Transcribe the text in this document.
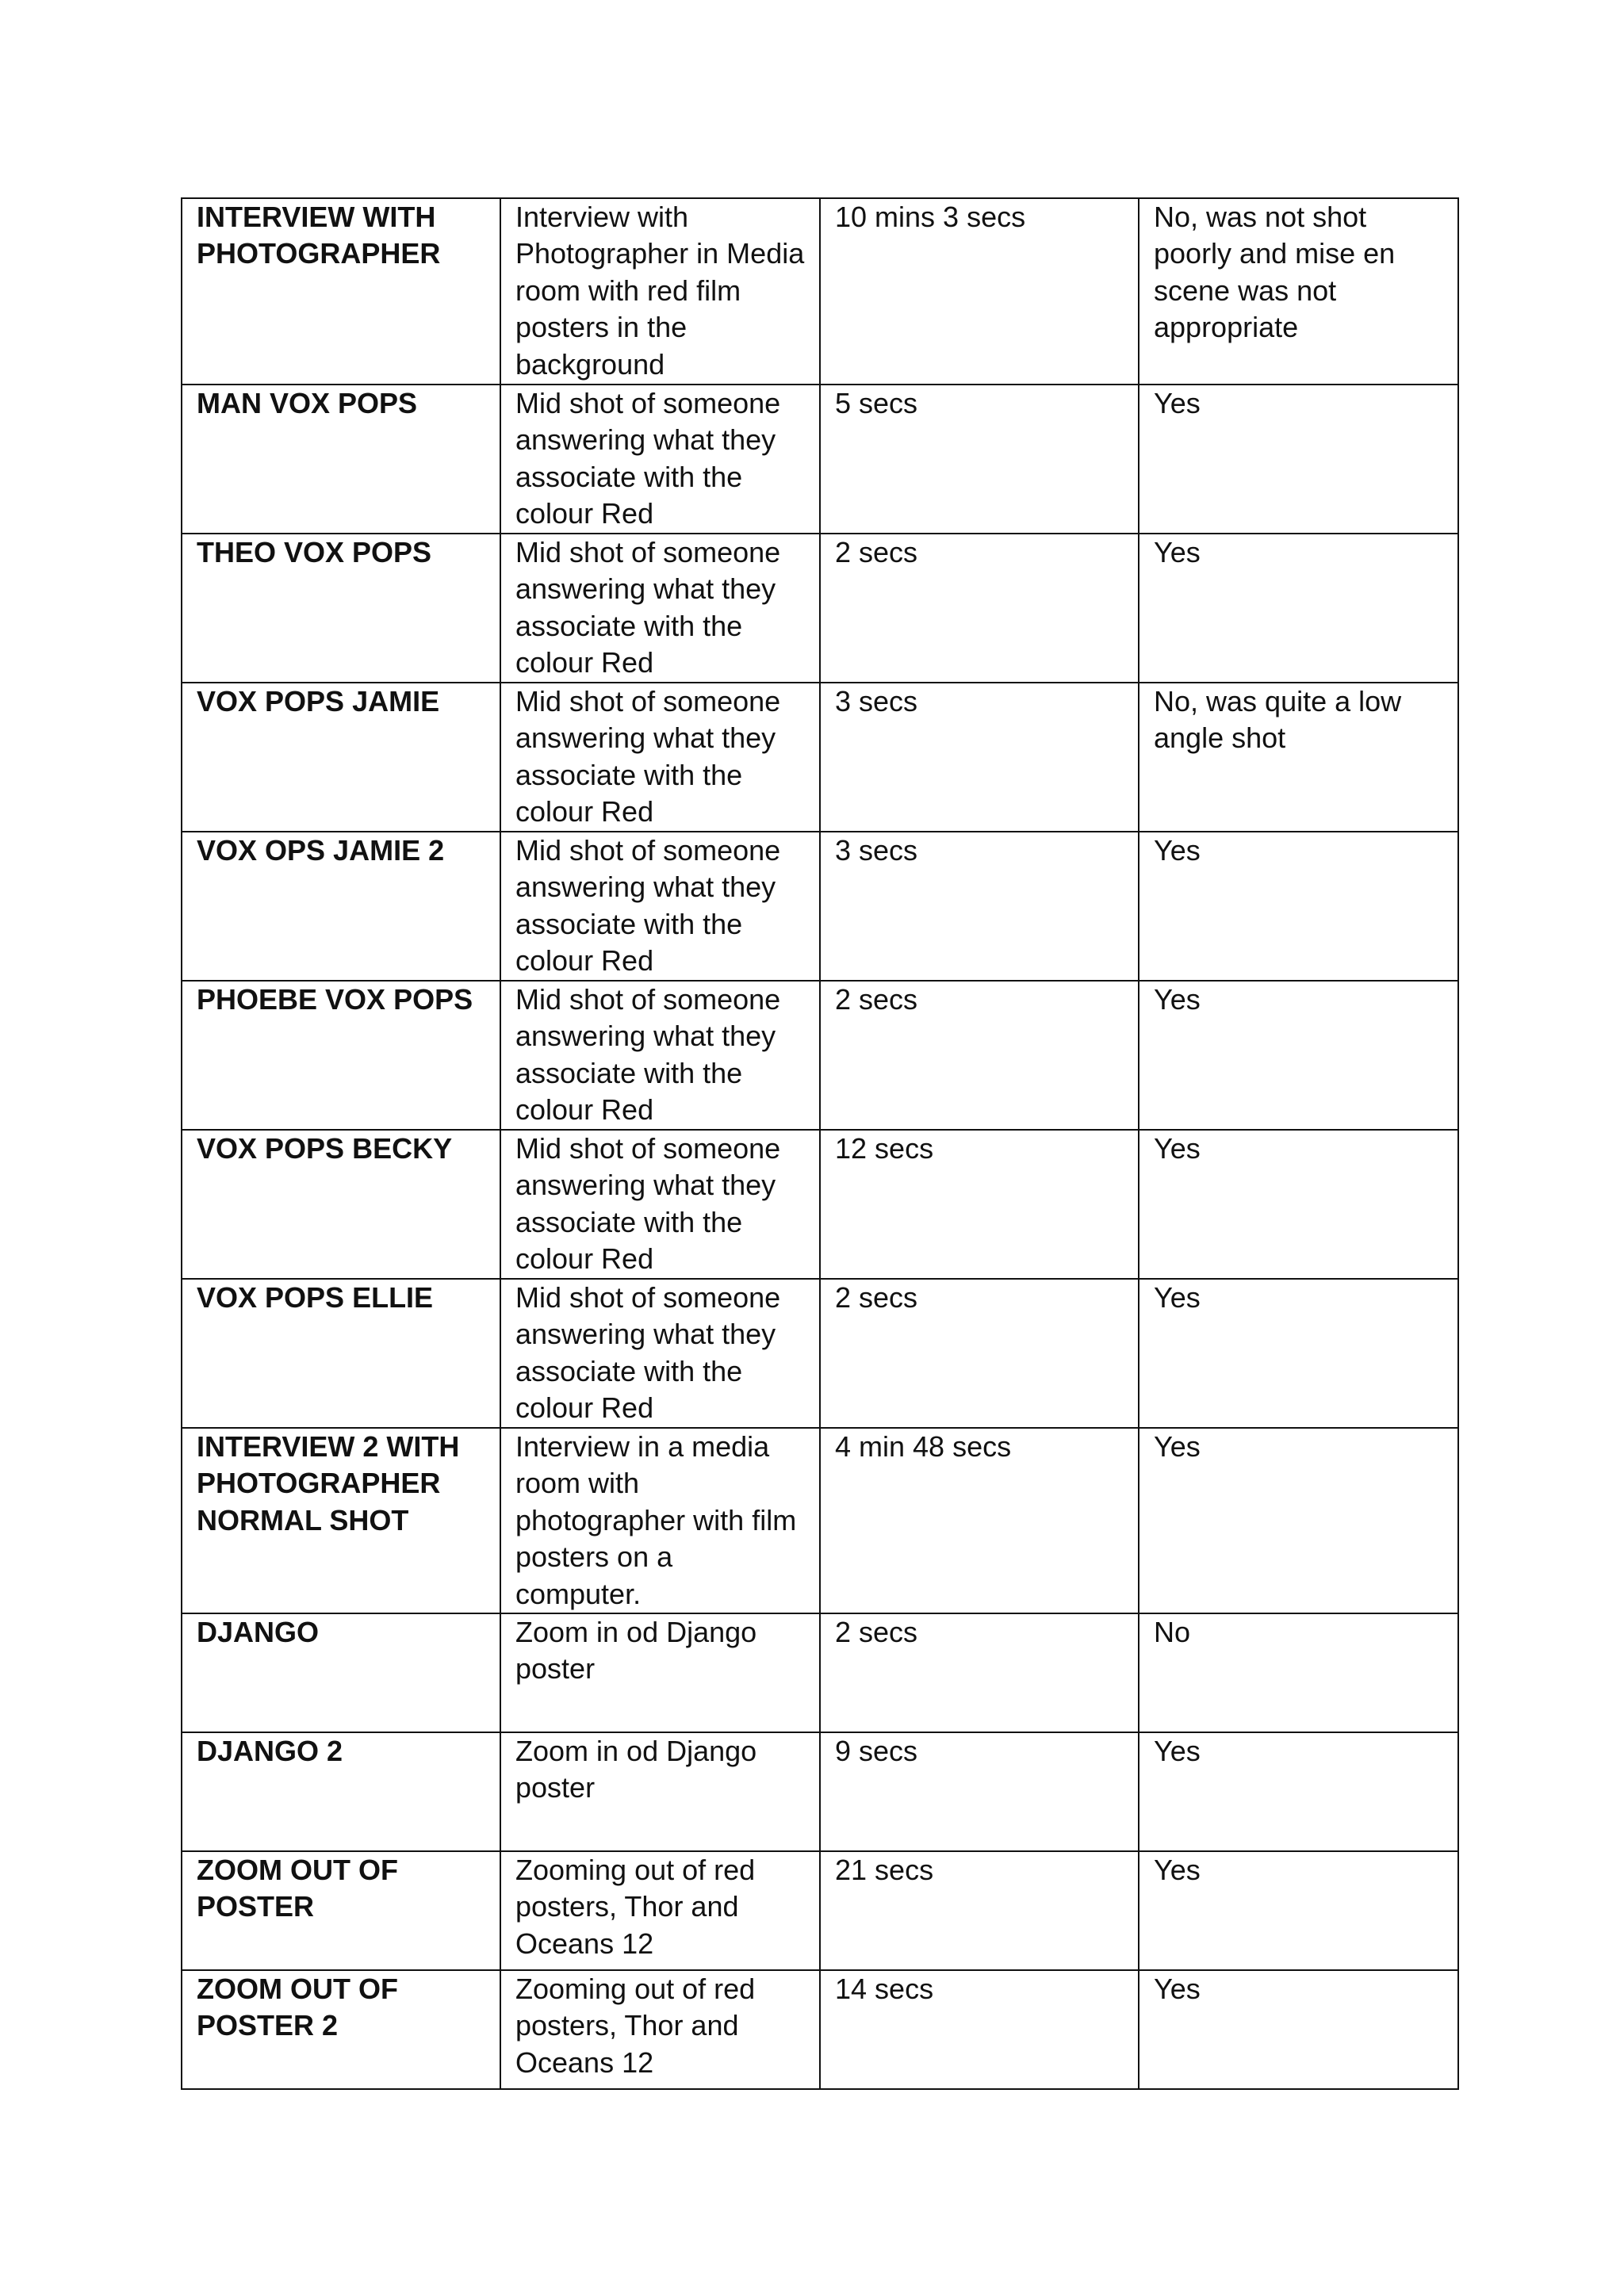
INTERVIEW WITH PHOTOGRAPHER	Interview with Photographer in Media room with red film posters in the background	10 mins 3 secs	No, was not shot poorly and mise en scene was not appropriate
MAN VOX POPS	Mid shot of someone answering what they associate with the colour Red	5 secs	Yes
THEO VOX POPS	Mid shot of someone answering what they associate with the colour Red	2 secs	Yes
VOX POPS JAMIE	Mid shot of someone answering what they associate with the colour Red	3 secs	No, was quite a low angle shot
VOX OPS JAMIE 2	Mid shot of someone answering what they associate with the colour Red	3 secs	Yes
PHOEBE VOX POPS	Mid shot of someone answering what they associate with the colour Red	2 secs	Yes
VOX POPS BECKY	Mid shot of someone answering what they associate with the colour Red	12 secs	Yes
VOX POPS ELLIE	Mid shot of someone answering what they associate with the colour Red	2 secs	Yes
INTERVIEW 2 WITH PHOTOGRAPHER NORMAL SHOT	Interview in a media room with photographer with film posters on a computer.	4 min 48 secs	Yes
DJANGO	Zoom in od Django poster	2 secs	No
DJANGO 2	Zoom in od Django poster	9 secs	Yes
ZOOM OUT OF POSTER	Zooming out of red posters, Thor and Oceans 12	21 secs	Yes
ZOOM OUT OF POSTER 2	Zooming out of red posters, Thor and Oceans 12	14 secs	Yes
